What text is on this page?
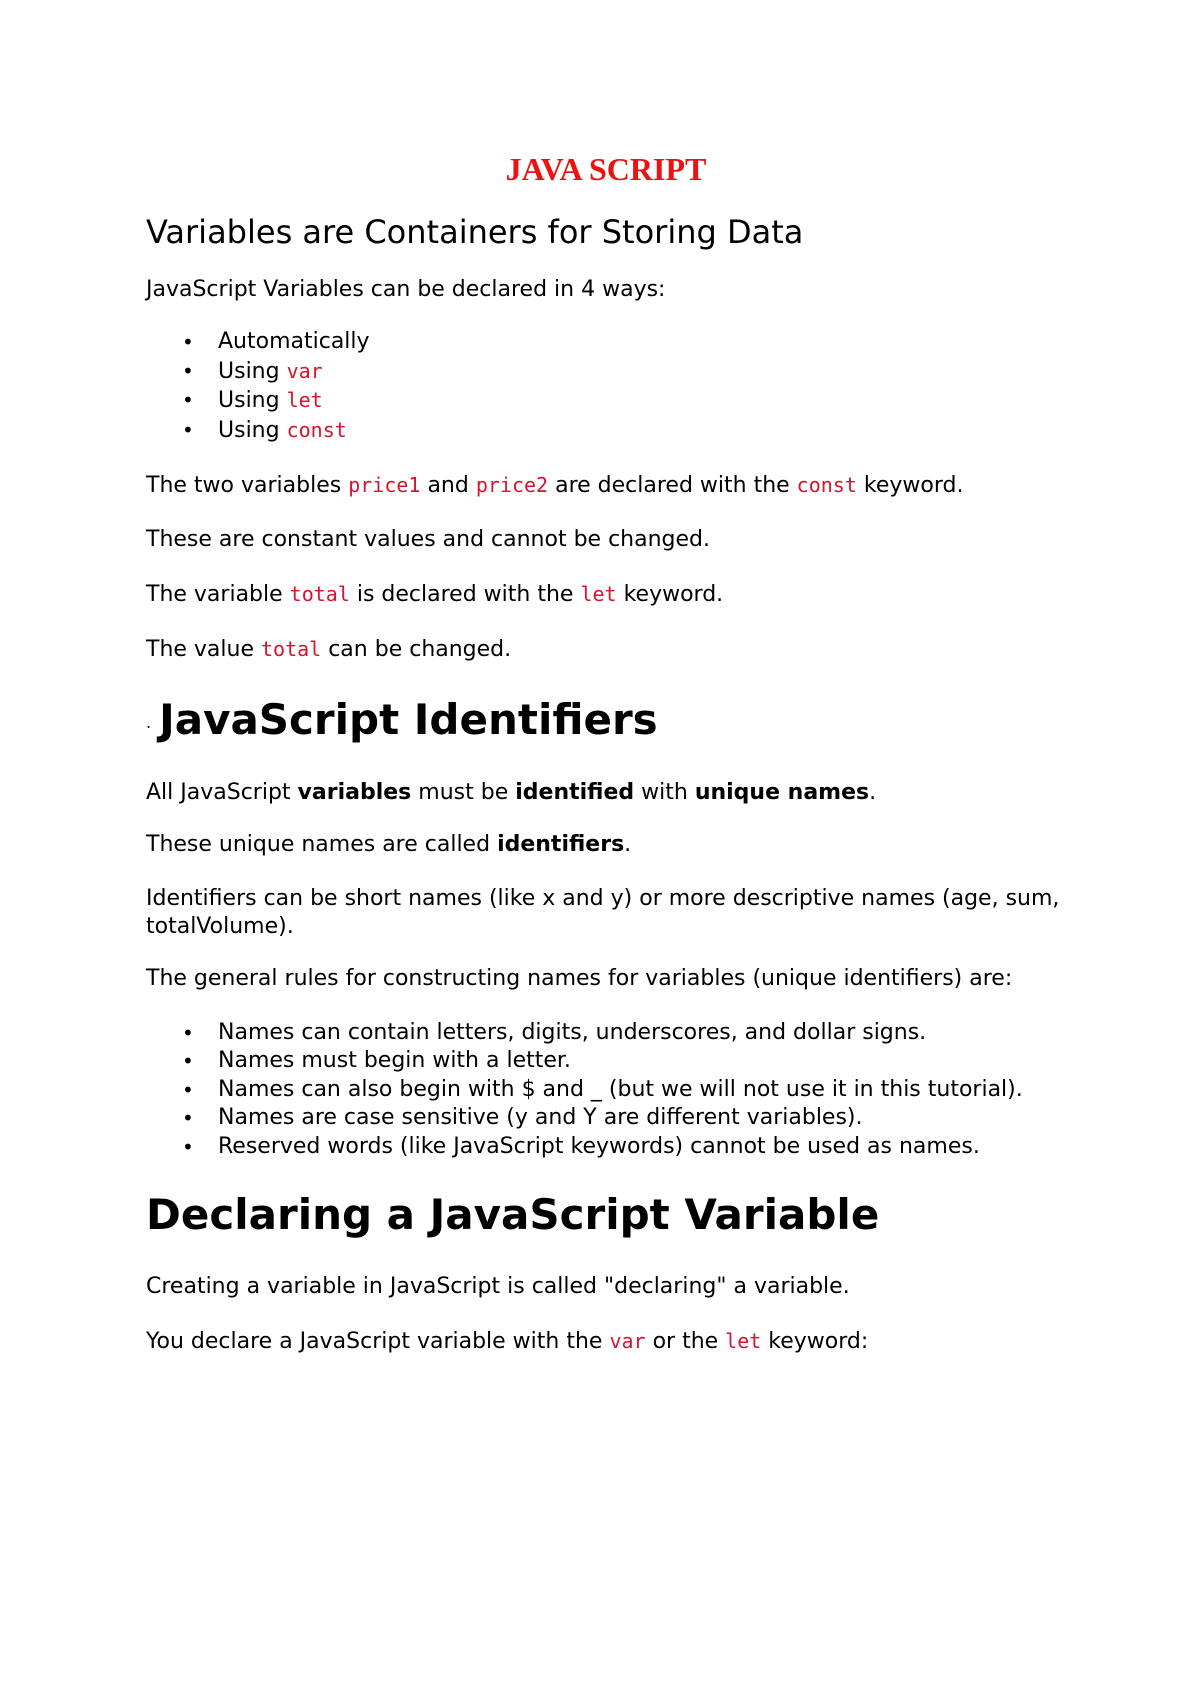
JAVA SCRIPT
Variables are Containers for Storing Data

JavaScript Variables can be declared in 4 ways:

• Automatically
• Using var
• Using let
• Using const

The two variables price1 and price2 are declared with the const keyword.

These are constant values and cannot be changed.

The variable total is declared with the let keyword.

The value total can be changed.

. JavaScript Identifiers

All JavaScript variables must be identified with unique names.

These unique names are called identifiers.

Identifiers can be short names (like x and y) or more descriptive names (age, sum, totalVolume).

The general rules for constructing names for variables (unique identifiers) are:

• Names can contain letters, digits, underscores, and dollar signs.
• Names must begin with a letter.
• Names can also begin with $ and _ (but we will not use it in this tutorial).
• Names are case sensitive (y and Y are different variables).
• Reserved words (like JavaScript keywords) cannot be used as names.
Declaring a JavaScript Variable

Creating a variable in JavaScript is called "declaring" a variable.

You declare a JavaScript variable with the var or the let keyword:
